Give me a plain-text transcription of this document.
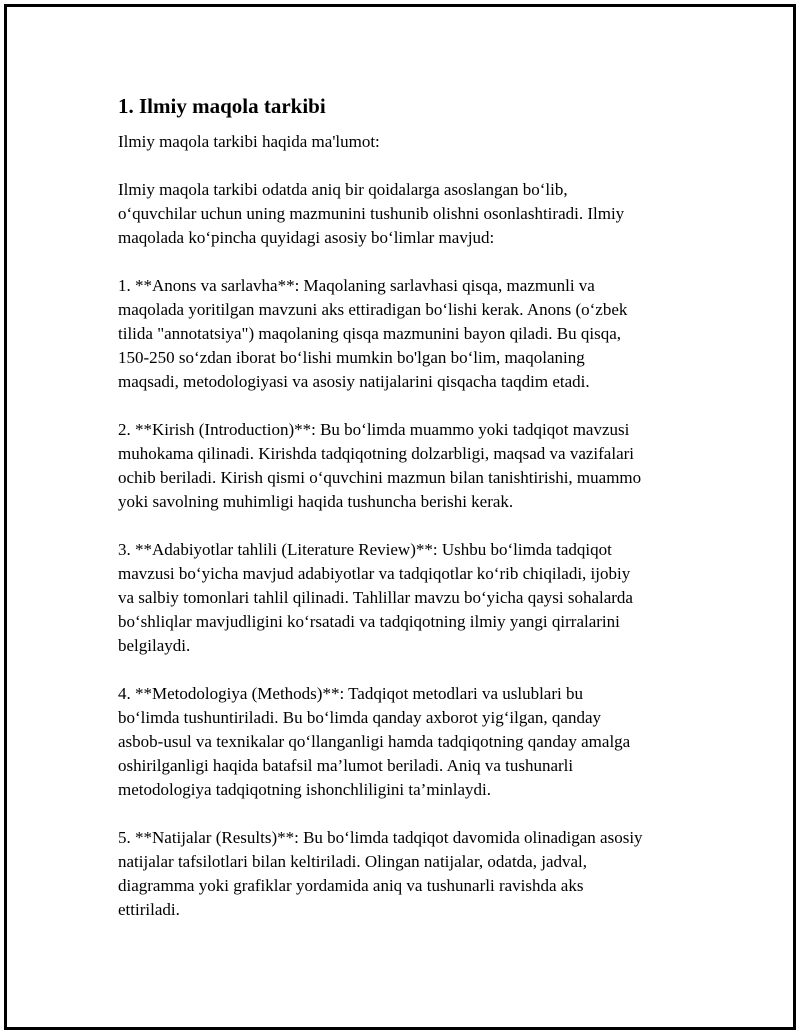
1. Ilmiy maqola tarkibi

Ilmiy maqola tarkibi haqida ma'lumot:

Ilmiy maqola tarkibi odatda aniq bir qoidalarga asoslangan bo‘lib,
o‘quvchilar uchun uning mazmunini tushunib olishni osonlashtiradi. Ilmiy
maqolada ko‘pincha quyidagi asosiy bo‘limlar mavjud:

1. **Anons va sarlavha**: Maqolaning sarlavhasi qisqa, mazmunli va
maqolada yoritilgan mavzuni aks ettiradigan bo‘lishi kerak. Anons (o‘zbek
tilida "annotatsiya") maqolaning qisqa mazmunini bayon qiladi. Bu qisqa,
150-250 so‘zdan iborat bo‘lishi mumkin bo'lgan bo‘lim, maqolaning
maqsadi, metodologiyasi va asosiy natijalarini qisqacha taqdim etadi.

2. **Kirish (Introduction)**: Bu bo‘limda muammo yoki tadqiqot mavzusi
muhokama qilinadi. Kirishda tadqiqotning dolzarbligi, maqsad va vazifalari
ochib beriladi. Kirish qismi o‘quvchini mazmun bilan tanishtirishi, muammo
yoki savolning muhimligi haqida tushuncha berishi kerak.

3. **Adabiyotlar tahlili (Literature Review)**: Ushbu bo‘limda tadqiqot
mavzusi bo‘yicha mavjud adabiyotlar va tadqiqotlar ko‘rib chiqiladi, ijobiy
va salbiy tomonlari tahlil qilinadi. Tahlillar mavzu bo‘yicha qaysi sohalarda
bo‘shliqlar mavjudligini ko‘rsatadi va tadqiqotning ilmiy yangi qirralarini
belgilaydi.

4. **Metodologiya (Methods)**: Tadqiqot metodlari va uslublari bu
bo‘limda tushuntiriladi. Bu bo‘limda qanday axborot yig‘ilgan, qanday
asbob-usul va texnikalar qo‘llanganligi hamda tadqiqotning qanday amalga
oshirilganligi haqida batafsil ma’lumot beriladi. Aniq va tushunarli
metodologiya tadqiqotning ishonchliligini ta’minlaydi.

5. **Natijalar (Results)**: Bu bo‘limda tadqiqot davomida olinadigan asosiy
natijalar tafsilotlari bilan keltiriladi. Olingan natijalar, odatda, jadval,
diagramma yoki grafiklar yordamida aniq va tushunarli ravishda aks
ettiriladi.
